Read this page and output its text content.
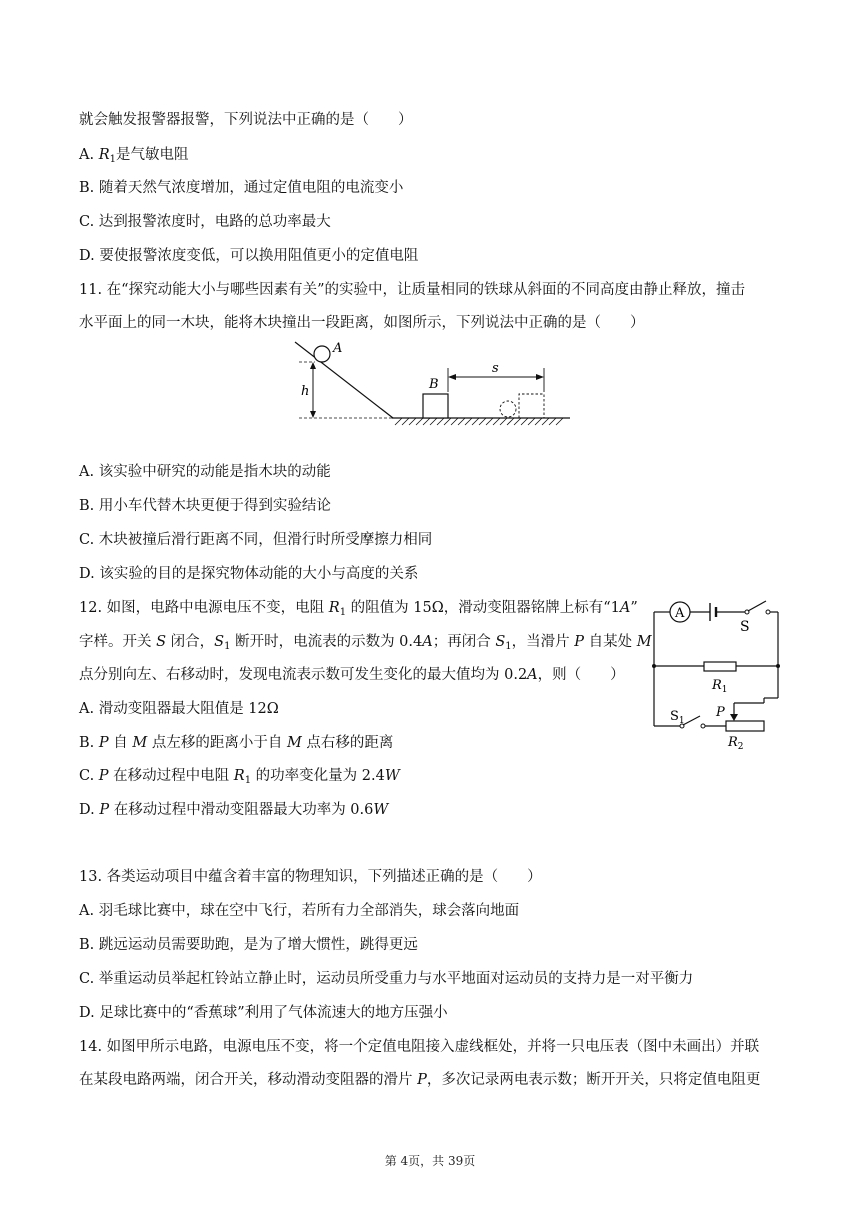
就会触发报警器报警，下列说法中正确的是（　　）
A. $R_1$是气敏电阻
B. 随着天然气浓度增加，通过定值电阻的电流变小
C. 达到报警浓度时，电路的总功率最大
D. 要使报警浓度变低，可以换用阻值更小的定值电阻
11. 在“探究动能大小与哪些因素有关”的实验中，让质量相同的铁球从斜面的不同高度由静止释放，撞击
水平面上的同一木块，能将木块撞出一段距离，如图所示，下列说法中正确的是（　　）
A
h	B
s
A. 该实验中研究的动能是指木块的动能
B. 用小车代替木块更便于得到实验结论
C. 木块被撞后滑行距离不同，但滑行时所受摩擦力相同
D. 该实验的目的是探究物体动能的大小与高度的关系
12. 如图，电路中电源电压不变，电阻 $R_1$ 的阻值为 15Ω，滑动变阻器铭牌上标有“1A”
字样。开关 S 闭合，$S_1$ 断开时，电流表的示数为 0.4A；再闭合 $S_1$，当滑片 P 自某处 M
点分别向左、右移动时，发现电流表示数可发生变化的最大值均为 0.2A，则（　　）
A. 滑动变阻器最大阻值是 12Ω
B. P 自 M 点左移的距离小于自 M 点右移的距离
C. P 在移动过程中电阻 $R_1$ 的功率变化量为 2.4W
D. P 在移动过程中滑动变阻器最大功率为 0.6W
A
S
$R_1$
$S_1$
$R_2$
P
13. 各类运动项目中蕴含着丰富的物理知识，下列描述正确的是（　　）
A. 羽毛球比赛中，球在空中飞行，若所有力全部消失，球会落向地面
B. 跳远运动员需要助跑，是为了增大惯性，跳得更远
C. 举重运动员举起杠铃站立静止时，运动员所受重力与水平地面对运动员的支持力是一对平衡力
D. 足球比赛中的“香蕉球”利用了气体流速大的地方压强小
14. 如图甲所示电路，电源电压不变，将一个定值电阻接入虚线框处，并将一只电压表（图中未画出）并联
在某段电路两端，闭合开关，移动滑动变阻器的滑片 P，多次记录两电表示数；断开开关，只将定值电阻更
第 4页，共 39页
